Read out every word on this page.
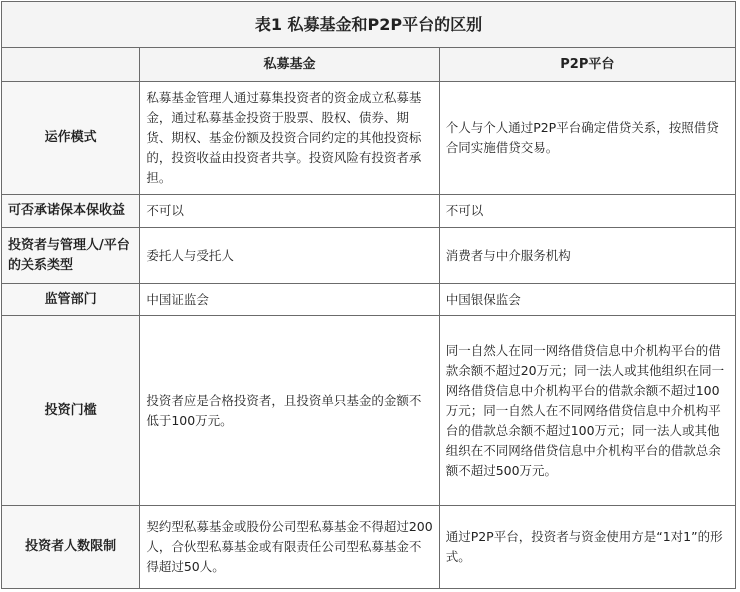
表1 私募基金和P2P平台的区别		
	私募基金	P2P平台
运作模式	私募基金管理人通过募集投资者的资金成立私募基金，通过私募基金投资于股票、股权、债券、期货、期权、基金份额及投资合同约定的其他投资标的，投资收益由投资者共享。投资风险有投资者承担。	个人与个人通过P2P平台确定借贷关系，按照借贷合同实施借贷交易。
可否承诺保本保收益	不可以	不可以
投资者与管理人/平台的关系类型	委托人与受托人	消费者与中介服务机构
监管部门	中国证监会	中国银保监会
投资门槛	投资者应是合格投资者，且投资单只基金的金额不低于100万元。	同一自然人在同一网络借贷信息中介机构平台的借款余额不超过20万元；同一法人或其他组织在同一网络借贷信息中介机构平台的借款余额不超过100万元；同一自然人在不同网络借贷信息中介机构平台的借款总余额不超过100万元；同一法人或其他组织在不同网络借贷信息中介机构平台的借款总余额不超过500万元。
投资者人数限制	契约型私募基金或股份公司型私募基金不得超过200人，合伙型私募基金或有限责任公司型私募基金不得超过50人。	通过P2P平台，投资者与资金使用方是“1对1”的形式。
